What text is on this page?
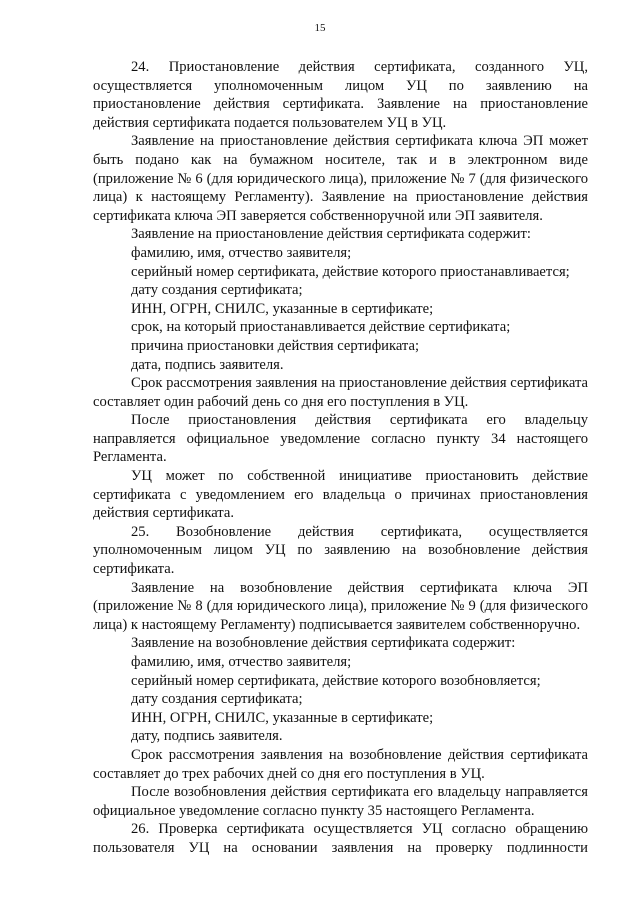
15

24. Приостановление действия сертификата, созданного УЦ, осуществляется уполномоченным лицом УЦ по заявлению на приостановление действия сертификата. Заявление на приостановление действия сертификата подается пользователем УЦ в УЦ.

Заявление на приостановление действия сертификата ключа ЭП может быть подано как на бумажном носителе, так и в электронном виде (приложение № 6 (для юридического лица), приложение № 7 (для физического лица) к настоящему Регламенту). Заявление на приостановление действия сертификата ключа ЭП заверяется собственноручной или ЭП заявителя.

Заявление на приостановление действия сертификата содержит:

фамилию, имя, отчество заявителя;

серийный номер сертификата, действие которого приостанавливается;

дату создания сертификата;

ИНН, ОГРН, СНИЛС, указанные в сертификате;

срок, на который приостанавливается действие сертификата;

причина приостановки действия сертификата;

дата, подпись заявителя.

Срок рассмотрения заявления на приостановление действия сертификата составляет один рабочий день со дня его поступления в УЦ.

После приостановления действия сертификата его владельцу направляется официальное уведомление согласно пункту 34 настоящего Регламента.

УЦ может по собственной инициативе приостановить действие сертификата с уведомлением его владельца о причинах приостановления действия сертификата.

25. Возобновление действия сертификата, осуществляется уполномоченным лицом УЦ по заявлению на возобновление действия сертификата.

Заявление на возобновление действия сертификата ключа ЭП (приложение № 8 (для юридического лица), приложение № 9 (для физического лица) к настоящему Регламенту) подписывается заявителем собственноручно.

Заявление на возобновление действия сертификата содержит:

фамилию, имя, отчество заявителя;

серийный номер сертификата, действие которого возобновляется;

дату создания сертификата;

ИНН, ОГРН, СНИЛС, указанные в сертификате;

дату, подпись заявителя.

Срок рассмотрения заявления на возобновление действия сертификата составляет до трех рабочих дней со дня его поступления в УЦ.

После возобновления действия сертификата его владельцу направляется официальное уведомление согласно пункту 35 настоящего Регламента.

26. Проверка сертификата осуществляется УЦ согласно обращению пользователя УЦ на основании заявления на проверку подлинности
